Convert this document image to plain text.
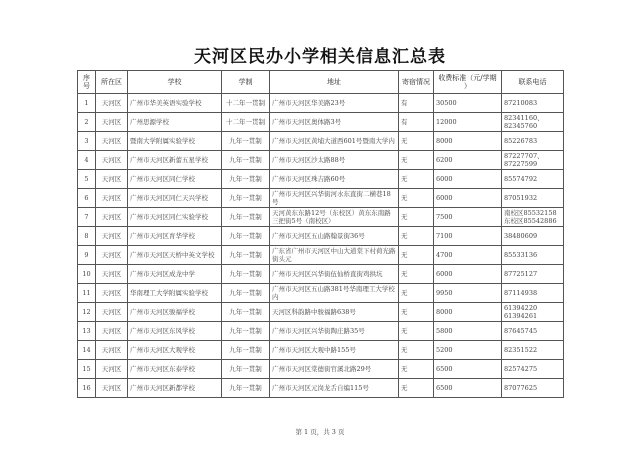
天河区民办小学相关信息汇总表
序号	所在区	学校	学制	地址	寄宿情况	收费标准（元/学期 ）	联系电话
1	天河区	广州市华美英语实验学校	十二年一贯制	广州市天河区华美路23号	有	30500	87210083
2	天河区	广州思源学校	十二年一贯制	广州市天河区奥体路3号	有	12000	82341160、82345760
3	天河区	暨南大学附属实验学校	九年一贯制	广州市天河区黄埔大道西601号暨南大学内	无	8000	85226783
4	天河区	广州市天河区新蕾五星学校	九年一贯制	广州市天河区沙太路88号	无	6200	87227707、87227599
5	天河区	广州市天河区同仁学校	九年一贯制	广州市天河区珠吉路60号	无	6000	85574792
6	天河区	广州市天河区同仁天兴学校	九年一贯制	广州市天河区兴华街河水东直街二横巷18号	无	6000	87051932
7	天河区	广州市天河区同仁实验学校	九年一贯制	天河黄东东路12号（东校区）黄东东南路三把街5号（南校区）	无	7500	南校区85532158 东校区85542886
8	天河区	广州市天河区育华学校	九年一贯制	广州市天河区五山路翰景街36号	无	7100	38480609
9	天河区	广州市天河区天桥中英文学校	九年一贯制	广东省广州市天河区中山大道棠下村荷光路街头元	无	4700	85533136
10	天河区	广州市天河区成龙中学	九年一贯制	广州市天河区兴华街伍仙桥直街鸡拱坑	无	6000	87725127
11	天河区	华南理工大学附属实验学校	九年一贯制	广州市天河区五山路381号华南理工大学校内	无	9950	87114938
12	天河区	广州市天河区骏福学校	九年一贯制	天河区科韵路中骏福路638号	无	8000	61394220 61394261
13	天河区	广州市天河区东风学校	九年一贯制	广州市天河区兴华街陶庄路35号	无	5800	87645745
14	天河区	广州市天河区大观学校	九年一贯制	广州市天河区大观中路155号	无	5200	82351522
15	天河区	广州市天河区东泰学校	九年一贯制	广州市天河区棠德街官溪北路29号	无	6500	82574275
16	天河区	广州市天河区新都学校	九年一贯制	广州市天河区元岗龙舌自编115号	无	6500	87077625
第 1 页，共 3 页
